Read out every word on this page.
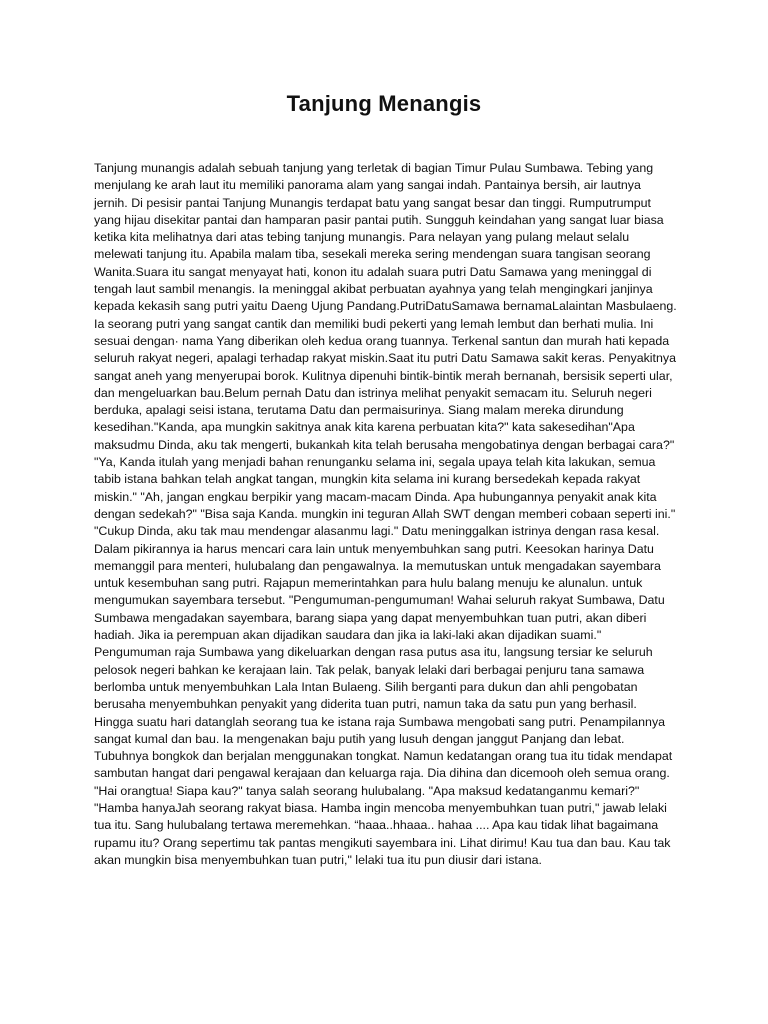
Tanjung Menangis

Tanjung munangis adalah sebuah tanjung yang terletak di bagian Timur Pulau Sumbawa. Tebing yang menjulang ke arah laut itu memiliki panorama alam yang sangai indah. Pantainya bersih, air lautnya jernih. Di pesisir pantai Tanjung Munangis terdapat batu yang sangat besar dan tinggi. Rumputrumput yang hijau disekitar pantai dan hamparan pasir pantai putih. Sungguh keindahan yang sangat luar biasa ketika kita melihatnya dari atas tebing tanjung munangis. Para nelayan yang pulang melaut selalu melewati tanjung itu. Apabila malam tiba, sesekali mereka sering mendengan suara tangisan seorang Wanita.Suara itu sangat menyayat hati, konon itu adalah suara putri Datu Samawa yang meninggal di tengah laut sambil menangis. Ia meninggal akibat perbuatan ayahnya yang telah mengingkari janjinya kepada kekasih sang putri yaitu Daeng Ujung Pandang.PutriDatuSamawa bernamaLalaintan Masbulaeng. Ia seorang putri yang sangat cantik dan memiliki budi pekerti yang lemah lembut dan berhati mulia. Ini sesuai dengan· nama Yang diberikan oleh kedua orang tuannya. Terkenal santun dan murah hati kepada seluruh rakyat negeri, apalagi terhadap rakyat miskin.Saat itu putri Datu Samawa sakit keras. Penyakitnya sangat aneh yang menyerupai borok. Kulitnya dipenuhi bintik-bintik merah bernanah, bersisik seperti ular, dan mengeluarkan bau.Belum pernah Datu dan istrinya melihat penyakit semacam itu. Seluruh negeri berduka, apalagi seisi istana, terutama Datu dan permaisurinya. Siang malam mereka dirundung kesedihan."Kanda, apa mungkin sakitnya anak kita karena perbuatan kita?" kata sakesedihan"Apa maksudmu Dinda, aku tak mengerti, bukankah kita telah berusaha mengobatinya dengan berbagai cara?" "Ya, Kanda itulah yang menjadi bahan renunganku selama ini, segala upaya telah kita lakukan, semua tabib istana bahkan telah angkat tangan, mungkin kita selama ini kurang bersedekah kepada rakyat miskin." "Ah, jangan engkau berpikir yang macam-macam Dinda. Apa hubungannya penyakit anak kita dengan sedekah?" "Bisa saja Kanda. mungkin ini teguran Allah SWT dengan memberi cobaan seperti ini." "Cukup Dinda, aku tak mau mendengar alasanmu lagi." Datu meninggalkan istrinya dengan rasa kesal. Dalam pikirannya ia harus mencari cara lain untuk menyembuhkan sang putri. Keesokan harinya Datu memanggil para menteri, hulubalang dan pengawalnya. Ia memutuskan untuk mengadakan sayembara untuk kesembuhan sang putri. Rajapun memerintahkan para hulu balang menuju ke alunalun. untuk mengumukan sayembara tersebut. "Pengumuman-pengumuman! Wahai seluruh rakyat Sumbawa, Datu Sumbawa mengadakan sayembara, barang siapa yang dapat menyembuhkan tuan putri, akan diberi hadiah. Jika ia perempuan akan dijadikan saudara dan jika ia laki-laki akan dijadikan suami." Pengumuman raja Sumbawa yang dikeluarkan dengan rasa putus asa itu, langsung tersiar ke seluruh pelosok negeri bahkan ke kerajaan lain. Tak pelak, banyak lelaki dari berbagai penjuru tana samawa berlomba untuk menyembuhkan Lala Intan Bulaeng. Silih berganti para dukun dan ahli pengobatan berusaha menyembuhkan penyakit yang diderita tuan putri, namun taka da satu pun yang berhasil. Hingga suatu hari datanglah seorang tua ke istana raja Sumbawa mengobati sang putri. Penampilannya sangat kumal dan bau. Ia mengenakan baju putih yang lusuh dengan janggut Panjang dan lebat. Tubuhnya bongkok dan berjalan menggunakan tongkat. Namun kedatangan orang tua itu tidak mendapat sambutan hangat dari pengawal kerajaan dan keluarga raja. Dia dihina dan dicemooh oleh semua orang. "Hai orangtua! Siapa kau?" tanya salah seorang hulubalang. "Apa maksud kedatanganmu kemari?" "Hamba hanyaJah seorang rakyat biasa. Hamba ingin mencoba menyembuhkan tuan putri," jawab lelaki tua itu. Sang hulubalang tertawa meremehkan. “haaa..hhaaa.. hahaa .... Apa kau tidak lihat bagaimana rupamu itu? Orang sepertimu tak pantas mengikuti sayembara ini. Lihat dirimu! Kau tua dan bau. Kau tak akan mungkin bisa menyembuhkan tuan putri," lelaki tua itu pun diusir dari istana.
